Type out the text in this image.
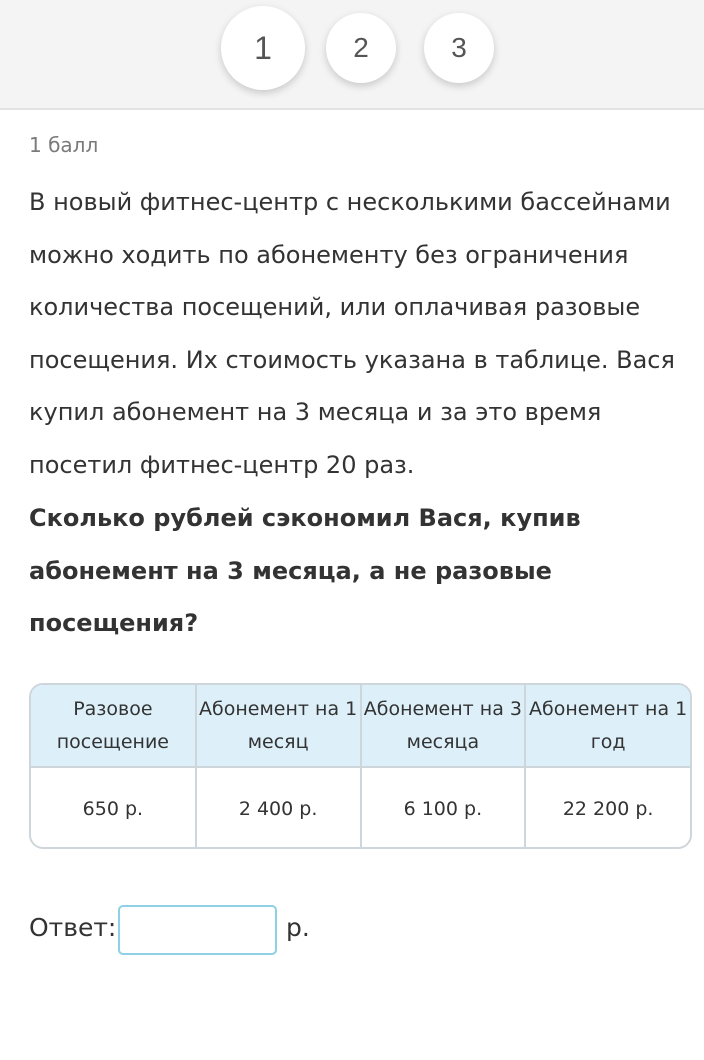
1	2	3
1 балл
В новый фитнес-центр с несколькими бассейнами можно ходить по абонементу без ограничения количества посещений, или оплачивая разовые посещения. Их стоимость указана в таблице. Вася купил абонемент на 3 месяца и за это время посетил фитнес-центр 20 раз.
Сколько рублей сэкономил Вася, купив абонемент на 3 месяца, а не разовые посещения?
Разовое посещение	Абонемент на 1 месяц	Абонемент на 3 месяца	Абонемент на 1 год
650 р.	2 400 р.	6 100 р.	22 200 р.
Ответ:	р.
